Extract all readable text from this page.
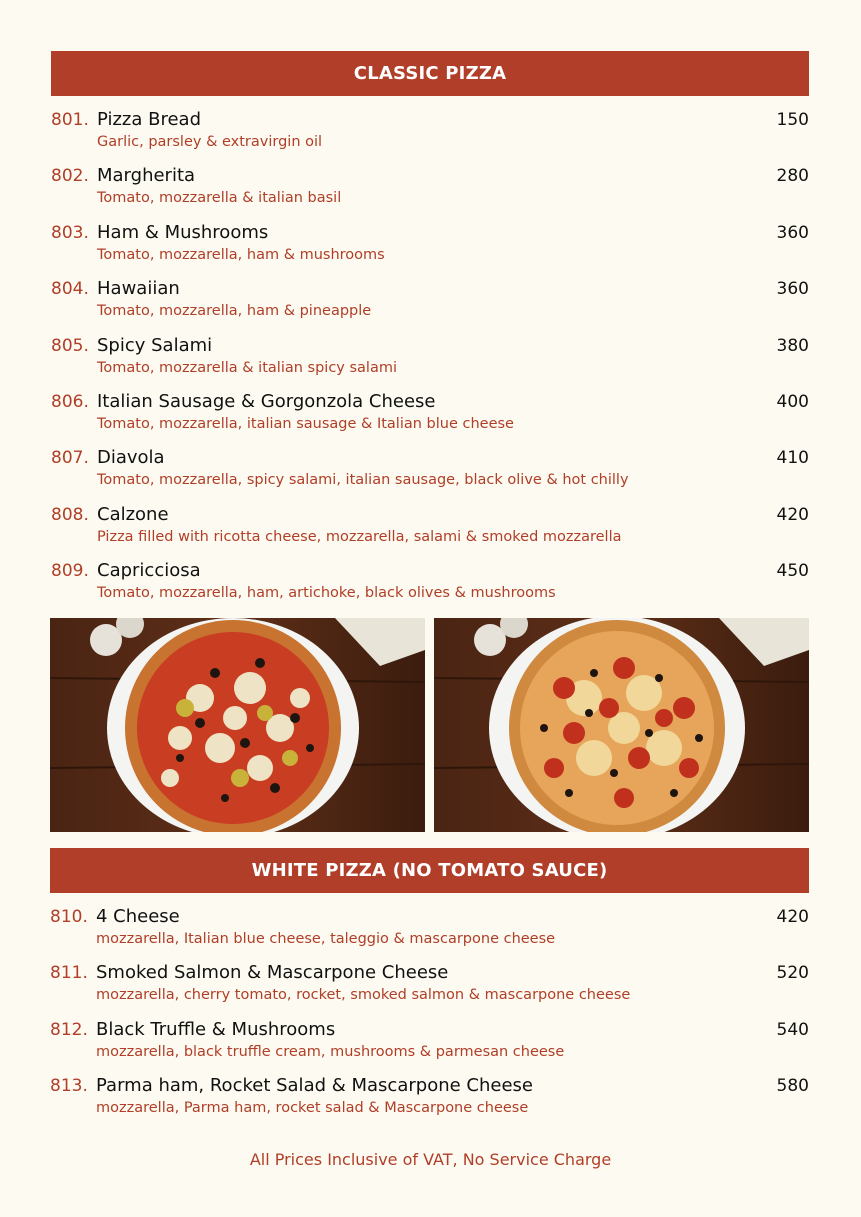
CLASSIC PIZZA
801. Pizza Bread	150
Garlic, parsley & extravirgin oil
802. Margherita	280
Tomato, mozzarella & italian basil
803. Ham & Mushrooms	360
Tomato, mozzarella, ham & mushrooms
804. Hawaiian	360
Tomato, mozzarella, ham & pineapple
805. Spicy Salami	380
Tomato, mozzarella & italian spicy salami
806. Italian Sausage & Gorgonzola Cheese	400
Tomato, mozzarella, italian sausage & Italian blue cheese
807. Diavola	410
Tomato, mozzarella, spicy salami, italian sausage, black olive & hot chilly
808. Calzone	420
Pizza filled with ricotta cheese, mozzarella, salami & smoked mozzarella
809. Capricciosa	450
Tomato, mozzarella, ham, artichoke, black olives & mushrooms
WHITE PIZZA (NO TOMATO SAUCE)
810. 4 Cheese	420
mozzarella, Italian blue cheese, taleggio & mascarpone cheese
811. Smoked Salmon & Mascarpone Cheese	520
mozzarella, cherry tomato, rocket, smoked salmon & mascarpone cheese
812. Black Truffle & Mushrooms	540
mozzarella, black truffle cream, mushrooms & parmesan cheese
813. Parma ham, Rocket Salad & Mascarpone Cheese	580
mozzarella, Parma ham, rocket salad & Mascarpone cheese
All Prices Inclusive of VAT, No Service Charge
